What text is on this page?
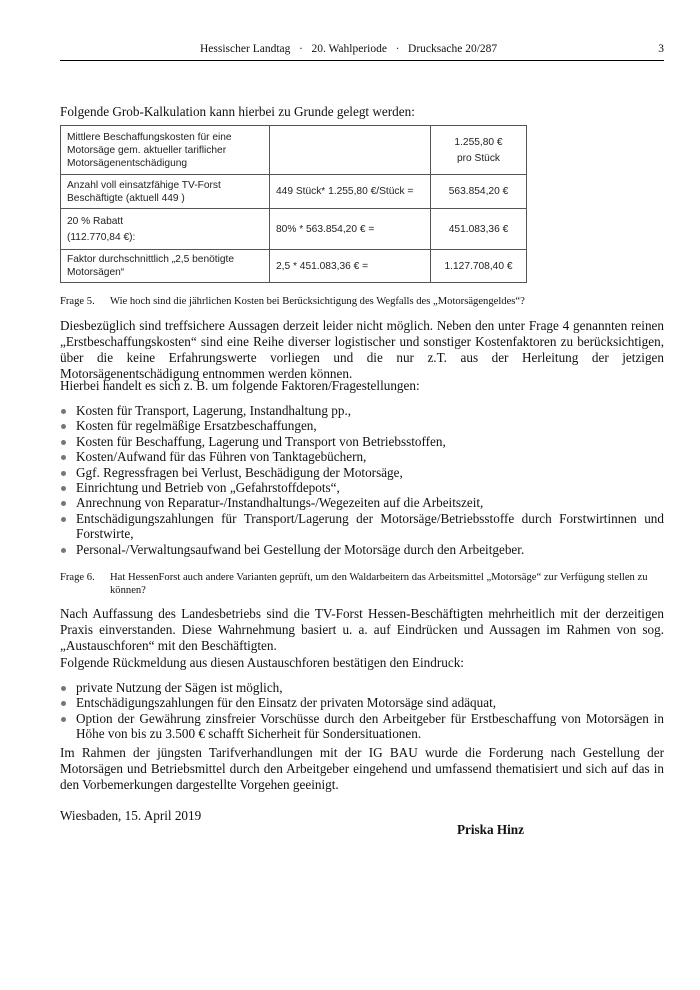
Hessischer Landtag   ·   20. Wahlperiode   ·   Drucksache 20/287	3

Folgende Grob-Kalkulation kann hierbei zu Grunde gelegt werden:

Mittlere Beschaffungskosten für eine Motorsäge gem. aktueller tariflicher Motorsägenentschädigung		1.255,80 €
pro Stück

Anzahl voll einsatzfähige TV-Forst Beschäftigte (aktuell 449 )	449 Stück* 1.255,80 €/Stück =	563.854,20 €

20 % Rabatt
(112.770,84 €):	80% * 563.854,20 € =	451.083,36 €
Faktor durchschnittlich „2,5 benötigte Motorsägen“	2,5 * 451.083,36 € =	1.127.708,40 €
Frage 5. Wie hoch sind die jährlichen Kosten bei Berücksichtigung des Wegfalls des „Motorsägengeldes“?

Diesbezüglich sind treffsichere Aussagen derzeit leider nicht möglich. Neben den unter Frage 4 genannten reinen „Erstbeschaffungskosten“ sind eine Reihe diverser logistischer und sonstiger Kostenfaktoren zu berücksichtigen, über die keine Erfahrungswerte vorliegen und die nur z.T. aus der Herleitung der jetzigen Motorsägenentschädigung entnommen werden können.

Hierbei handelt es sich z. B. um folgende Faktoren/Fragestellungen:

Kosten für Transport, Lagerung, Instandhaltung pp.,
Kosten für regelmäßige Ersatzbeschaffungen,
Kosten für Beschaffung, Lagerung und Transport von Betriebsstoffen,
Kosten/Aufwand für das Führen von Tanktagebüchern,
Ggf. Regressfragen bei Verlust, Beschädigung der Motorsäge,
Einrichtung und Betrieb von „Gefahrstoffdepots“,
Anrechnung von Reparatur-/Instandhaltungs-/Wegezeiten auf die Arbeitszeit,
Entschädigungszahlungen für Transport/Lagerung der Motorsäge/Betriebsstoffe durch Forstwirtinnen und Forstwirte,
Personal-/Verwaltungsaufwand bei Gestellung der Motorsäge durch den Arbeitgeber.
Frage 6. Hat HessenForst auch andere Varianten geprüft, um den Waldarbeitern das Arbeitsmittel „Motorsäge“ zur Verfügung stellen zu können?

Nach Auffassung des Landesbetriebs sind die TV-Forst Hessen-Beschäftigten mehrheitlich mit der derzeitigen Praxis einverstanden. Diese Wahrnehmung basiert u. a. auf Eindrücken und Aussagen im Rahmen von sog. „Austauschforen“ mit den Beschäftigten.

Folgende Rückmeldung aus diesen Austauschforen bestätigen den Eindruck:

private Nutzung der Sägen ist möglich,
Entschädigungszahlungen für den Einsatz der privaten Motorsäge sind adäquat,
Option der Gewährung zinsfreier Vorschüsse durch den Arbeitgeber für Erstbeschaffung von Motorsägen in Höhe von bis zu 3.500 € schafft Sicherheit für Sondersituationen.

Im Rahmen der jüngsten Tarifverhandlungen mit der IG BAU wurde die Forderung nach Gestellung der Motorsägen und Betriebsmittel durch den Arbeitgeber eingehend und umfassend thematisiert und sich auf das in den Vorbemerkungen dargestellte Vorgehen geeinigt.

Wiesbaden, 15. April 2019
Priska Hinz
